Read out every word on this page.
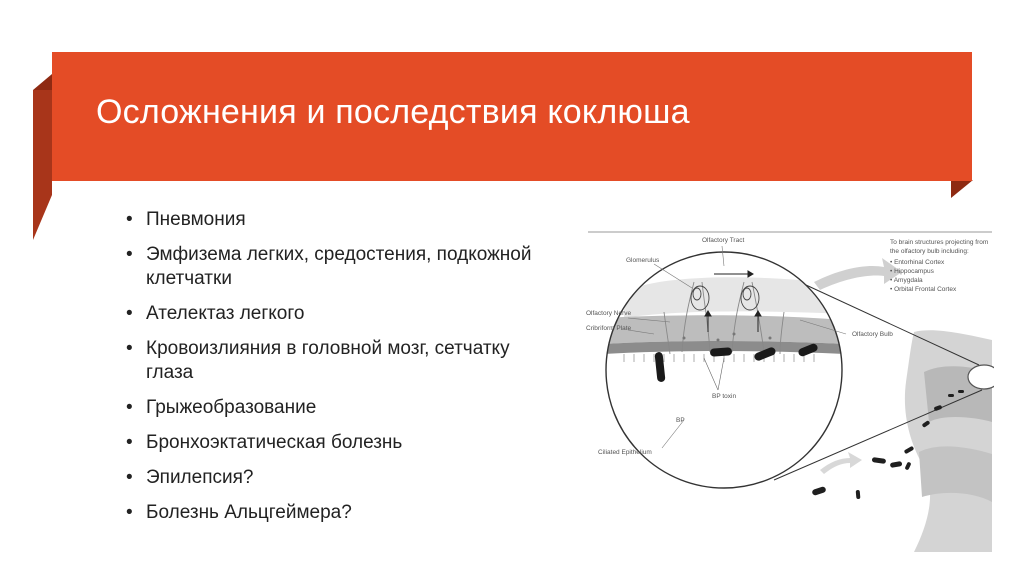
Осложнения и последствия коклюша
• Пневмония
• Эмфизема легких, средостения, подкожной клетчатки
• Ателектаз легкого
• Кровоизлияния в головной мозг, сетчатку глаза
• Грыжеобразование
• Бронхоэктатическая болезнь
• Эпилепсия?
• Болезнь Альцгеймера?
Olfactory Tract
Glomerulus
Olfactory Nerve
Cribriform Plate
Olfactory Bulb
BP toxin
BP
Ciliated Epithelium
To brain structures projecting from
the olfactory bulb including:
• Entorhinal Cortex
• Hippocampus
• Amygdala
• Orbital Frontal Cortex
